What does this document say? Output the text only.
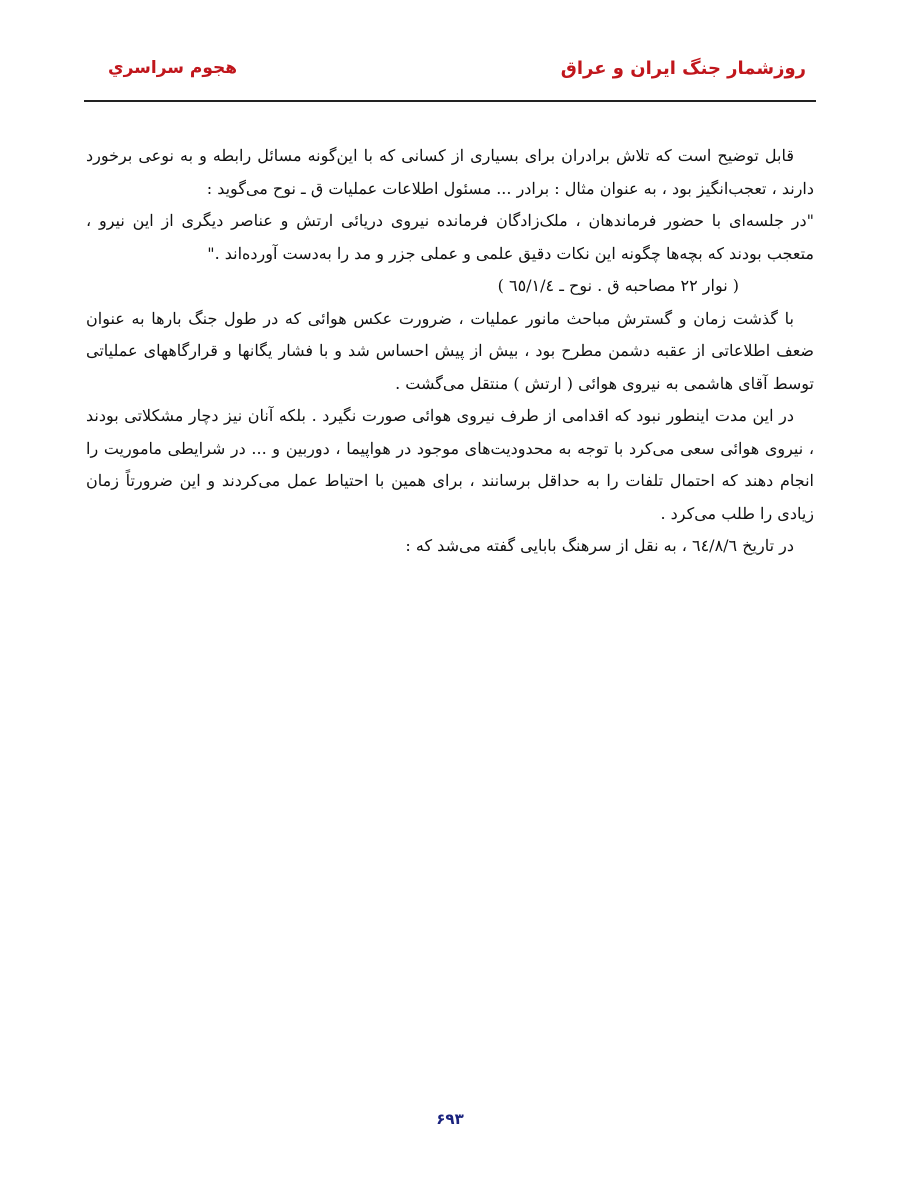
روزشمار جنگ ایران و عراق
هجوم سراسري

قابل توضیح است که تلاش برادران برای بسیاری از کسانی که با این‌گونه مسائل رابطه و به نوعی برخورد دارند ، تعجب‌انگیز بود ، به عنوان مثال : برادر ... مسئول اطلاعات عملیات ق ـ نوح می‌گوید :

"در جلسه‌ای با حضور فرماندهان ، ملک‌زادگان فرمانده نیروی دریائی ارتش و عناصر دیگری از این نیرو ، متعجب بودند که بچه‌ها چگونه این نکات دقیق علمی و عملی جزر و مد را به‌دست آورده‌اند ."

( نوار ۲۲ مصاحبه ق . نوح ـ ٦٥/١/٤ )

با گذشت زمان و گسترش مباحث مانور عملیات ، ضرورت عکس هوائی که در طول جنگ بارها به عنوان ضعف اطلاعاتی از عقبه دشمن مطرح بود ، بیش از پیش احساس شد و با فشار یگانها و قرارگاههای عملیاتی توسط آقای هاشمی به نیروی هوائی ( ارتش ) منتقل می‌گشت .

در این مدت اینطور نبود که اقدامی از طرف نیروی هوائی صورت نگیرد . بلکه آنان نیز دچار مشکلاتی بودند ، نیروی هوائی سعی می‌کرد با توجه به محدودیت‌های موجود در هواپیما ، دوربین و ... در شرایطی ماموریت را انجام دهند که احتمال تلفات را به حداقل برسانند ، برای همین با احتیاط عمل می‌کردند و این ضرورتاً زمان زیادی را طلب می‌کرد .

در تاریخ ٦٤/٨/٦ ، به نقل از سرهنگ بابایی گفته می‌شد که :

۶۹۳
